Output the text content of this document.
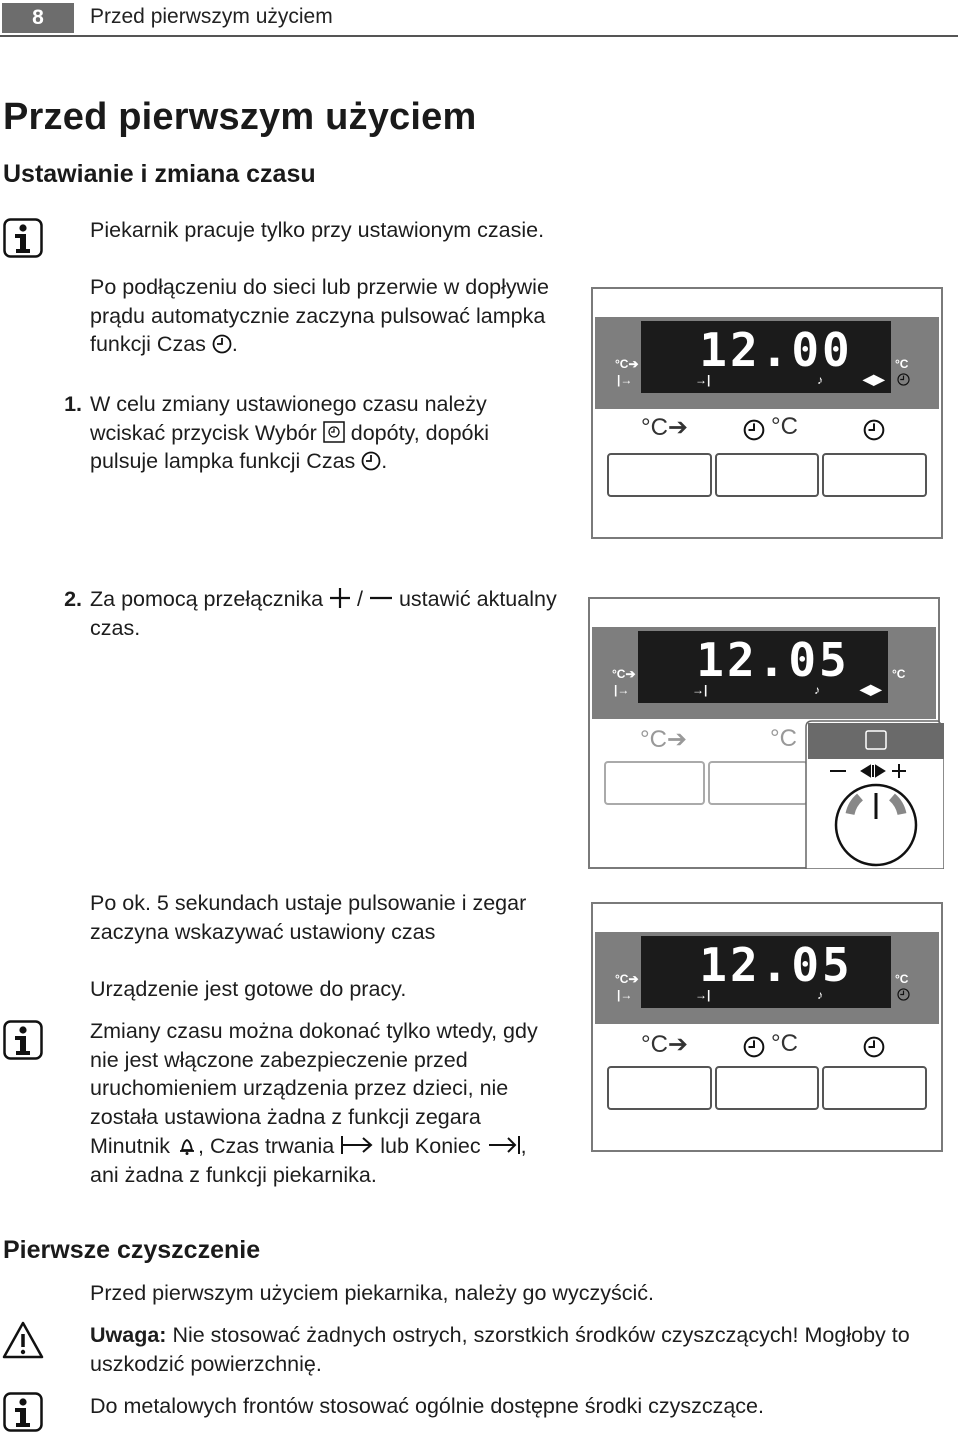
8	Przed pierwszym użyciem
Przed pierwszym użyciem
Ustawianie i zmiana czasu
Piekarnik pracuje tylko przy ustawionym czasie.
Po podłączeniu do sieci lub przerwie w dopływie prądu automatycznie zaczyna pulsować lampka funkcji Czas .
1. W celu zmiany ustawionego czasu należy wciskać przycisk Wybór dopóty, dopóki pulsuje lampka funkcji Czas .
2. Za pomocą przełącznika / ustawić aktualny czas.
Po ok. 5 sekundach ustaje pulsowanie i zegar zaczyna wskazywać ustawiony czas
Urządzenie jest gotowe do pracy.
Zmiany czasu można dokonać tylko wtedy, gdy nie jest włączone zabezpieczenie przed uruchomieniem urządzenia przez dzieci, nie została ustawiona żadna z funkcji zegara Minutnik , Czas trwania lub Koniec , ani żadna z funkcji piekarnika.
Pierwsze czyszczenie
Przed pierwszym użyciem piekarnika, należy go wyczyścić.
Uwaga: Nie stosować żadnych ostrych, szorstkich środków czyszczących! Mogłoby to uszkodzić powierzchnię.
Do metalowych frontów stosować ogólnie dostępne środki czyszczące.
12.00
°C➔
|→	→|	♪	◀▶
°C
°C➔	°C
12.05
°C➔
|→	→|	♪	◀▶
°C
°C➔	°C
12.05
°C➔
|→	→|	♪
°C
°C➔	°C
